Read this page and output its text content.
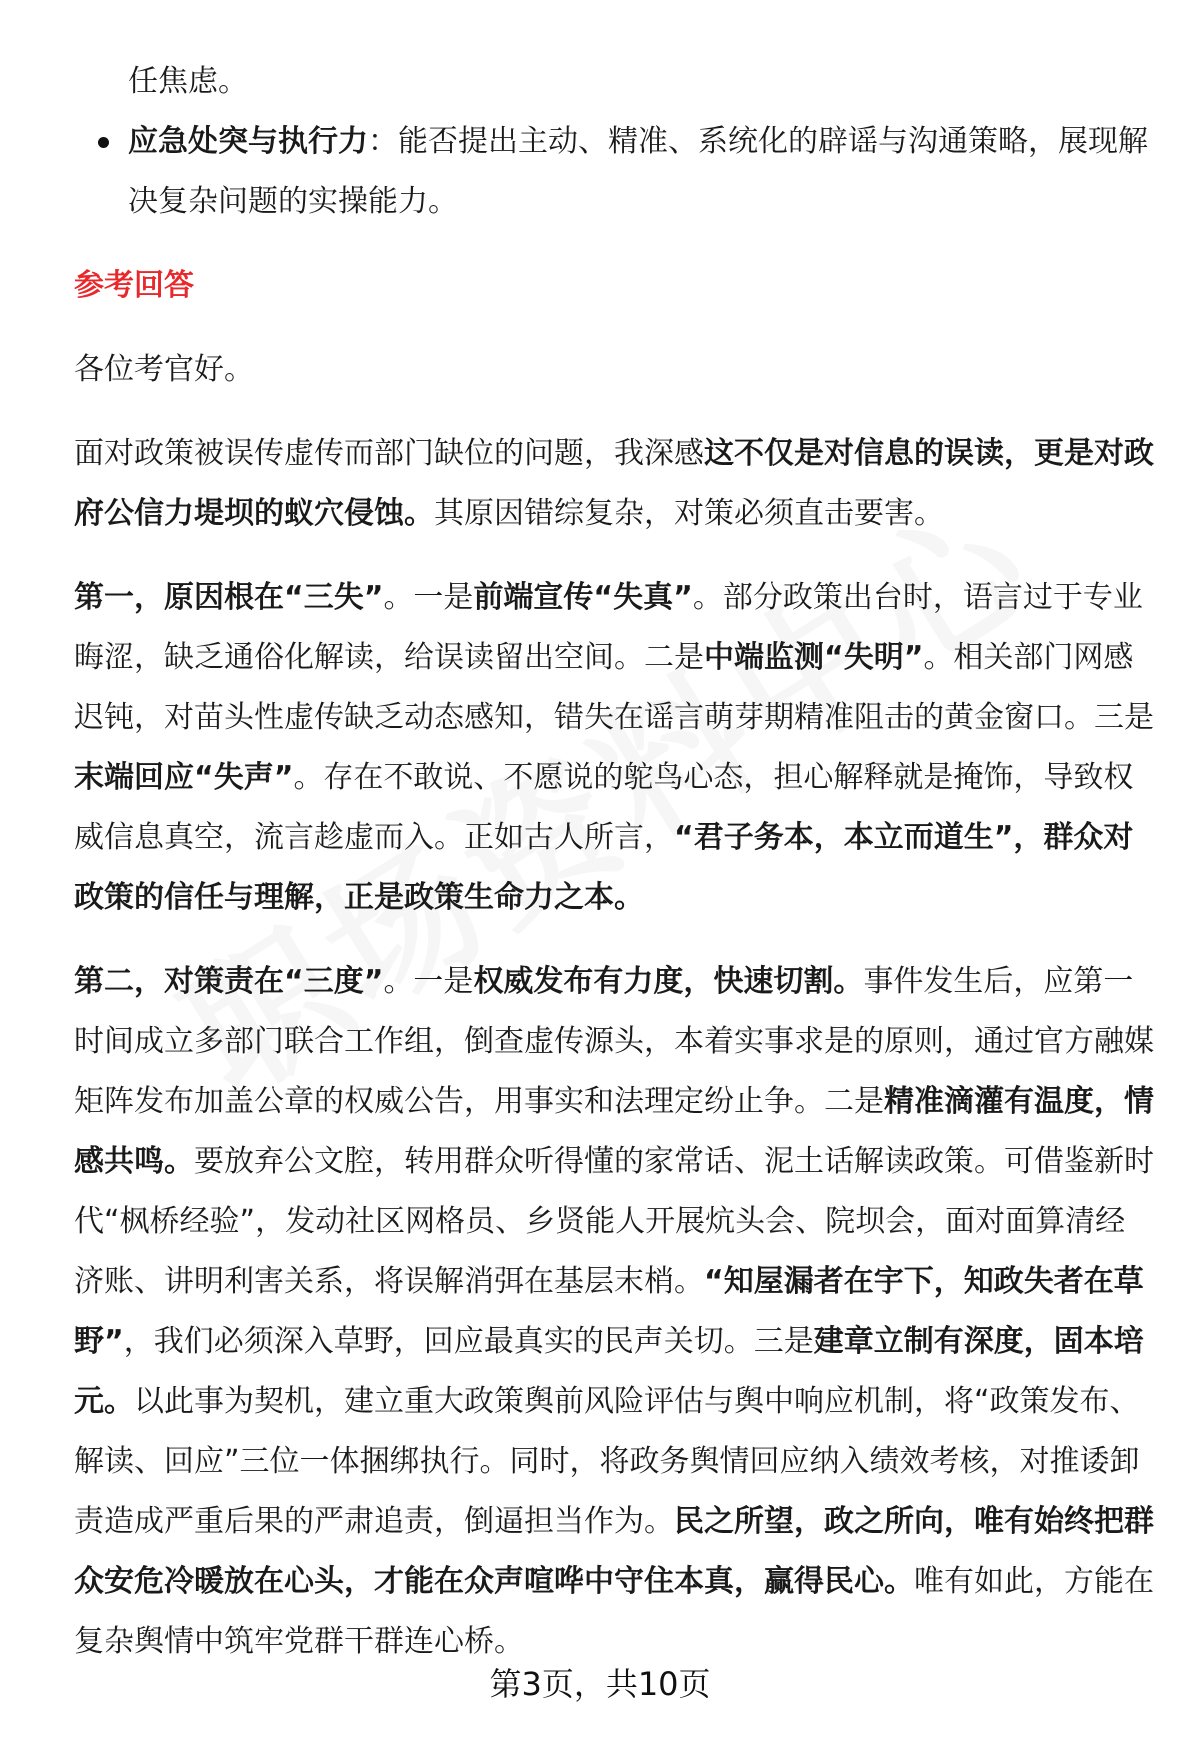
任焦虑。
应急处突与执行力：能否提出主动、精准、系统化的辟谣与沟通策略，展现解决复杂问题的实操能力。
参考回答
各位考官好。
面对政策被误传虚传而部门缺位的问题，我深感这不仅是对信息的误读，更是对政府公信力堤坝的蚁穴侵蚀。其原因错综复杂，对策必须直击要害。
第一，原因根在“三失”。一是前端宣传“失真”。部分政策出台时，语言过于专业晦涩，缺乏通俗化解读，给误读留出空间。二是中端监测“失明”。相关部门网感迟钝，对苗头性虚传缺乏动态感知，错失在谣言萌芽期精准阻击的黄金窗口。三是末端回应“失声”。存在不敢说、不愿说的鸵鸟心态，担心解释就是掩饰，导致权威信息真空，流言趁虚而入。正如古人所言，“君子务本，本立而道生”，群众对政策的信任与理解，正是政策生命力之本。
第二，对策责在“三度”。一是权威发布有力度，快速切割。事件发生后，应第一时间成立多部门联合工作组，倒查虚传源头，本着实事求是的原则，通过官方融媒矩阵发布加盖公章的权威公告，用事实和法理定纷止争。二是精准滴灌有温度，情感共鸣。要放弃公文腔，转用群众听得懂的家常话、泥土话解读政策。可借鉴新时代“枫桥经验”，发动社区网格员、乡贤能人开展炕头会、院坝会，面对面算清经济账、讲明利害关系，将误解消弭在基层末梢。“知屋漏者在宇下，知政失者在草野”，我们必须深入草野，回应最真实的民声关切。三是建章立制有深度，固本培元。以此事为契机，建立重大政策舆前风险评估与舆中响应机制，将“政策发布、解读、回应”三位一体捆绑执行。同时，将政务舆情回应纳入绩效考核，对推诿卸责造成严重后果的严肃追责，倒逼担当作为。民之所望，政之所向，唯有始终把群众安危冷暖放在心头，才能在众声喧哗中守住本真，赢得民心。唯有如此，方能在复杂舆情中筑牢党群干群连心桥。
第3页，共10页
